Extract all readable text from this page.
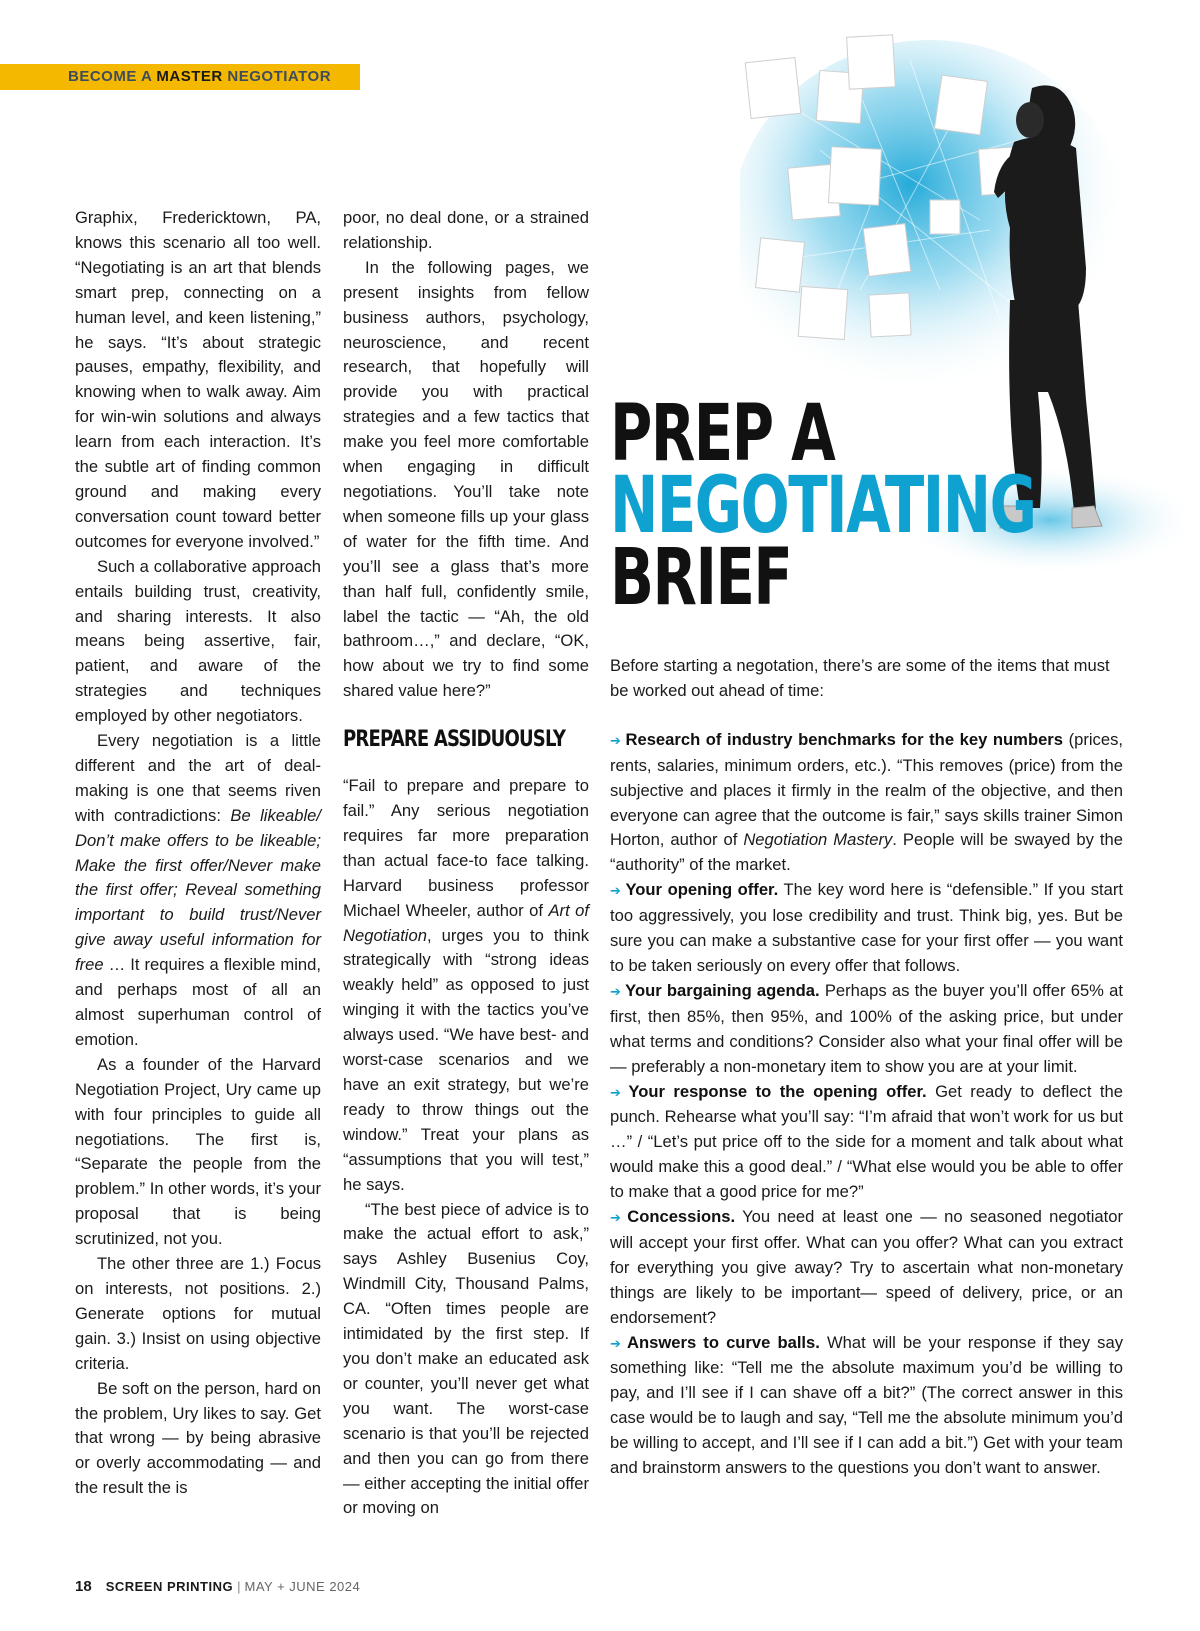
BECOME A MASTER NEGOTIATOR

Graphix, Fredericktown, PA, knows this scenario all too well. “Negotiating is an art that blends smart prep, connecting on a human level, and keen listening,” he says. “It’s about strategic pauses, empathy, flexibility, and knowing when to walk away. Aim for win-win solutions and always learn from each interaction. It’s the subtle art of finding common ground and making every conversation count toward better outcomes for everyone involved.”

Such a collaborative approach entails building trust, creativity, and sharing interests. It also means being assertive, fair, patient, and aware of the strategies and techniques employed by other negotiators.

Every negotiation is a little different and the art of deal-making is one that seems riven with contradictions: Be likeable/ Don’t make offers to be likeable; Make the first offer/Never make the first offer; Reveal something important to build trust/Never give away useful information for free … It requires a flexible mind, and perhaps most of all an almost superhuman control of emotion.

As a founder of the Harvard Negotiation Project, Ury came up with four principles to guide all negotiations. The first is, “Separate the people from the problem.” In other words, it’s your proposal that is being scrutinized, not you.

The other three are 1.) Focus on interests, not positions. 2.) Generate options for mutual gain. 3.) Insist on using objective criteria.

Be soft on the person, hard on the problem, Ury likes to say. Get that wrong — by being abrasive or overly accommodating — and the result the is

poor, no deal done, or a strained relationship.

In the following pages, we present insights from fellow business authors, psychology, neuroscience, and recent research, that hopefully will provide you with practical strategies and a few tactics that make you feel more comfortable when engaging in difficult negotiations. You’ll take note when someone fills up your glass of water for the fifth time. And you’ll see a glass that’s more than half full, confidently smile, label the tactic — “Ah, the old bathroom…,” and declare, “OK, how about we try to find some shared value here?”

PREPARE ASSIDUOUSLY

“Fail to prepare and prepare to fail.” Any serious negotiation requires far more preparation than actual face-to face talking. Harvard business professor Michael Wheeler, author of Art of Negotiation, urges you to think strategically with “strong ideas weakly held” as opposed to just winging it with the tactics you’ve always used. “We have best- and worst-case scenarios and we have an exit strategy, but we’re ready to throw things out the window.” Treat your plans as “assumptions that you will test,” he says.

“The best piece of advice is to make the actual effort to ask,” says Ashley Busenius Coy, Windmill City, Thousand Palms, CA. “Often times people are intimidated by the first step. If you don’t make an educated ask or counter, you’ll never get what you want. The worst-case scenario is that you’ll be rejected and then you can go from there — either accepting the initial offer or moving on

PREP A
NEGOTIATING
BRIEF

Before starting a negotation, there’s are some of the items that must be worked out ahead of time:

➔ Research of industry benchmarks for the key numbers (prices, rents, salaries, minimum orders, etc.). “This removes (price) from the subjective and places it firmly in the realm of the objective, and then everyone can agree that the outcome is fair,” says skills trainer Simon Horton, author of Negotiation Mastery. People will be swayed by the “authority” of the market.

➔ Your opening offer. The key word here is “defensible.” If you start too aggressively, you lose credibility and trust. Think big, yes. But be sure you can make a substantive case for your first offer — you want to be taken seriously on every offer that follows.

➔ Your bargaining agenda. Perhaps as the buyer you’ll offer 65% at first, then 85%, then 95%, and 100% of the asking price, but under what terms and conditions? Consider also what your final offer will be — preferably a non-monetary item to show you are at your limit.

➔ Your response to the opening offer. Get ready to deflect the punch. Rehearse what you’ll say: “I’m afraid that won’t work for us but …” / “Let’s put price off to the side for a moment and talk about what would make this a good deal.” / “What else would you be able to offer to make that a good price for me?”

➔ Concessions. You need at least one — no seasoned negotiator will accept your first offer. What can you offer? What can you extract for everything you give away? Try to ascertain what non-monetary things are likely to be important— speed of delivery, price, or an endorsement?

➔ Answers to curve balls. What will be your response if they say something like: “Tell me the absolute maximum you’d be willing to pay, and I’ll see if I can shave off a bit?” (The correct answer in this case would be to laugh and say, “Tell me the absolute minimum you’d be willing to accept, and I’ll see if I can add a bit.”) Get with your team and brainstorm answers to the questions you don’t want to answer.

18 SCREEN PRINTING | MAY + JUNE 2024
